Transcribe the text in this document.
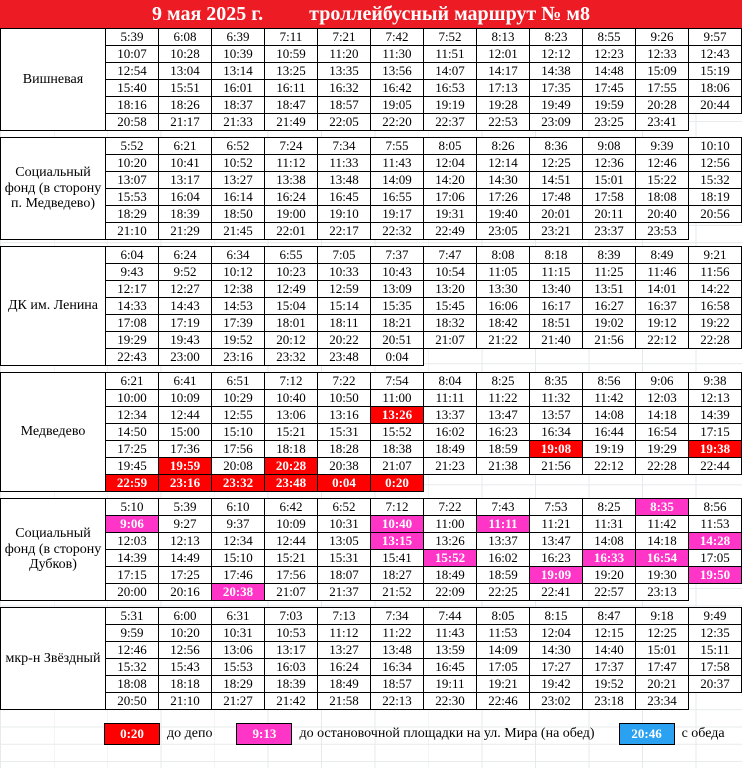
9 мая 2025 г. троллейбусный маршрут № м8
Вишневая	5:39	6:08	6:39	7:11	7:21	7:42	7:52	8:13	8:23	8:55	9:26	9:57
	10:07	10:28	10:39	10:59	11:20	11:30	11:51	12:01	12:12	12:23	12:33	12:43
	12:54	13:04	13:14	13:25	13:35	13:56	14:07	14:17	14:38	14:48	15:09	15:19
	15:40	15:51	16:01	16:11	16:32	16:42	16:53	17:13	17:35	17:45	17:55	18:06
	18:16	18:26	18:37	18:47	18:57	19:05	19:19	19:28	19:49	19:59	20:28	20:44
	20:58	21:17	21:33	21:49	22:05	22:20	22:37	22:53	23:09	23:25	23:41	
Социальный фонд (в сторону п. Медведево)	5:52	6:21	6:52	7:24	7:34	7:55	8:05	8:26	8:36	9:08	9:39	10:10
	10:20	10:41	10:52	11:12	11:33	11:43	12:04	12:14	12:25	12:36	12:46	12:56
	13:07	13:17	13:27	13:38	13:48	14:09	14:20	14:30	14:51	15:01	15:22	15:32
	15:53	16:04	16:14	16:24	16:45	16:55	17:06	17:26	17:48	17:58	18:08	18:19
	18:29	18:39	18:50	19:00	19:10	19:17	19:31	19:40	20:01	20:11	20:40	20:56
	21:10	21:29	21:45	22:01	22:17	22:32	22:49	23:05	23:21	23:37	23:53	
ДК им. Ленина	6:04	6:24	6:34	6:55	7:05	7:37	7:47	8:08	8:18	8:39	8:49	9:21
	9:43	9:52	10:12	10:23	10:33	10:43	10:54	11:05	11:15	11:25	11:46	11:56
	12:17	12:27	12:38	12:49	12:59	13:09	13:20	13:30	13:40	13:51	14:01	14:22
	14:33	14:43	14:53	15:04	15:14	15:35	15:45	16:06	16:17	16:27	16:37	16:58
	17:08	17:19	17:39	18:01	18:11	18:21	18:32	18:42	18:51	19:02	19:12	19:22
	19:29	19:43	19:52	20:12	20:22	20:51	21:07	21:22	21:40	21:56	22:12	22:28
	22:43	23:00	23:16	23:32	23:48	0:04						
Медведево	6:21	6:41	6:51	7:12	7:22	7:54	8:04	8:25	8:35	8:56	9:06	9:38
	10:00	10:09	10:29	10:40	10:50	11:00	11:11	11:22	11:32	11:42	12:03	12:13
	12:34	12:44	12:55	13:06	13:16	13:26	13:37	13:47	13:57	14:08	14:18	14:39
	14:50	15:00	15:10	15:21	15:31	15:52	16:02	16:23	16:34	16:44	16:54	17:15
	17:25	17:36	17:56	18:18	18:28	18:38	18:49	18:59	19:08	19:19	19:29	19:38
	19:45	19:59	20:08	20:28	20:38	21:07	21:23	21:38	21:56	22:12	22:28	22:44
	22:59	23:16	23:32	23:48	0:04	0:20						
Социальный фонд (в сторону Дубков)	5:10	5:39	6:10	6:42	6:52	7:12	7:22	7:43	7:53	8:25	8:35	8:56
	9:06	9:27	9:37	10:09	10:31	10:40	11:00	11:11	11:21	11:31	11:42	11:53
	12:03	12:13	12:34	12:44	13:05	13:15	13:26	13:37	13:47	14:08	14:18	14:28
	14:39	14:49	15:10	15:21	15:31	15:41	15:52	16:02	16:23	16:33	16:54	17:05
	17:15	17:25	17:46	17:56	18:07	18:27	18:49	18:59	19:09	19:20	19:30	19:50
	20:00	20:16	20:38	21:07	21:37	21:52	22:09	22:25	22:41	22:57	23:13	
мкр-н Звёздный	5:31	6:00	6:31	7:03	7:13	7:34	7:44	8:05	8:15	8:47	9:18	9:49
	9:59	10:20	10:31	10:53	11:12	11:22	11:43	11:53	12:04	12:15	12:25	12:35
	12:46	12:56	13:06	13:17	13:27	13:48	13:59	14:09	14:30	14:40	15:01	15:11
	15:32	15:43	15:53	16:03	16:24	16:34	16:45	17:05	17:27	17:37	17:47	17:58
	18:08	18:18	18:29	18:39	18:49	18:57	19:11	19:21	19:42	19:52	20:21	20:37
	20:50	21:10	21:27	21:42	21:58	22:13	22:30	22:46	23:02	23:18	23:34	
0:20	до депо	9:13	до остановочной площадки на ул. Мира (на обед)	20:46	с обеда
